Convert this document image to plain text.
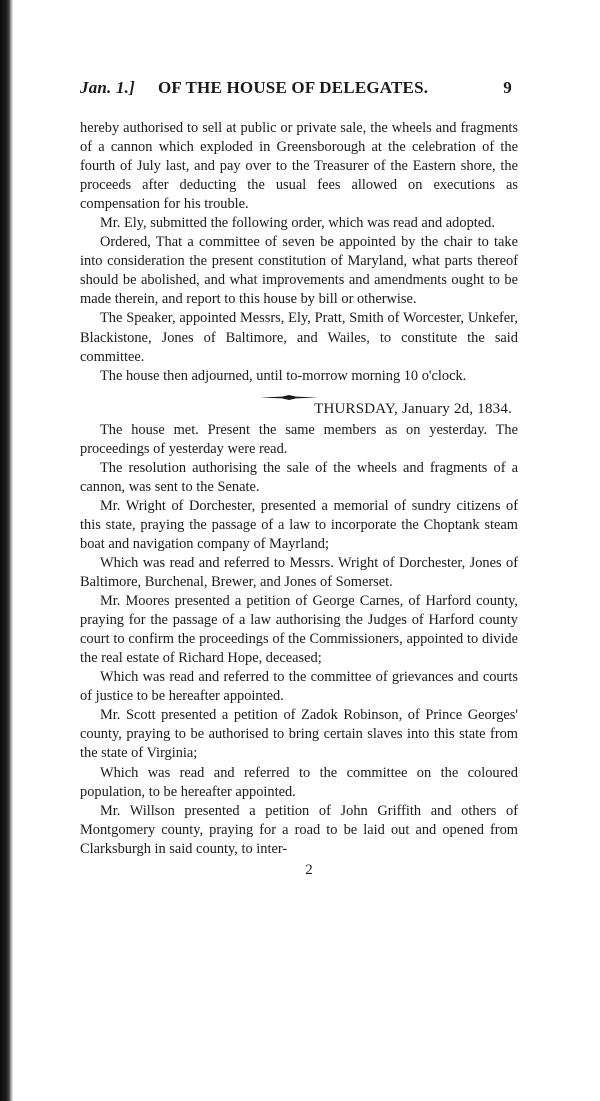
Jan. 1.] OF THE HOUSE OF DELEGATES.	9

hereby authorised to sell at public or private sale, the wheels and fragments of a cannon which exploded in Greensborough at the celebration of the fourth of July last, and pay over to the Treasurer of the Eastern shore, the proceeds after deducting the usual fees allowed on executions as compensation for his trouble.

Mr. Ely, submitted the following order, which was read and adopted.

Ordered, That a committee of seven be appointed by the chair to take into consideration the present constitution of Maryland, what parts thereof should be abolished, and what improvements and amendments ought to be made therein, and report to this house by bill or otherwise.

The Speaker, appointed Messrs, Ely, Pratt, Smith of Worcester, Unkefer, Blackistone, Jones of Baltimore, and Wailes, to constitute the said committee.

The house then adjourned, until to-morrow morning 10 o'clock.

THURSDAY, January 2d, 1834.

The house met. Present the same members as on yesterday. The proceedings of yesterday were read.

The resolution authorising the sale of the wheels and fragments of a cannon, was sent to the Senate.

Mr. Wright of Dorchester, presented a memorial of sundry citizens of this state, praying the passage of a law to incorporate the Choptank steam boat and navigation company of Mayrland;

Which was read and referred to Messrs. Wright of Dorchester, Jones of Baltimore, Burchenal, Brewer, and Jones of Somerset.

Mr. Moores presented a petition of George Carnes, of Harford county, praying for the passage of a law authorising the Judges of Harford county court to confirm the proceedings of the Commissioners, appointed to divide the real estate of Richard Hope, deceased;

Which was read and referred to the committee of grievances and courts of justice to be hereafter appointed.

Mr. Scott presented a petition of Zadok Robinson, of Prince Georges' county, praying to be authorised to bring certain slaves into this state from the state of Virginia;

Which was read and referred to the committee on the coloured population, to be hereafter appointed.

Mr. Willson presented a petition of John Griffith and others of Montgomery county, praying for a road to be laid out and opened from Clarksburgh in said county, to inter-

2
